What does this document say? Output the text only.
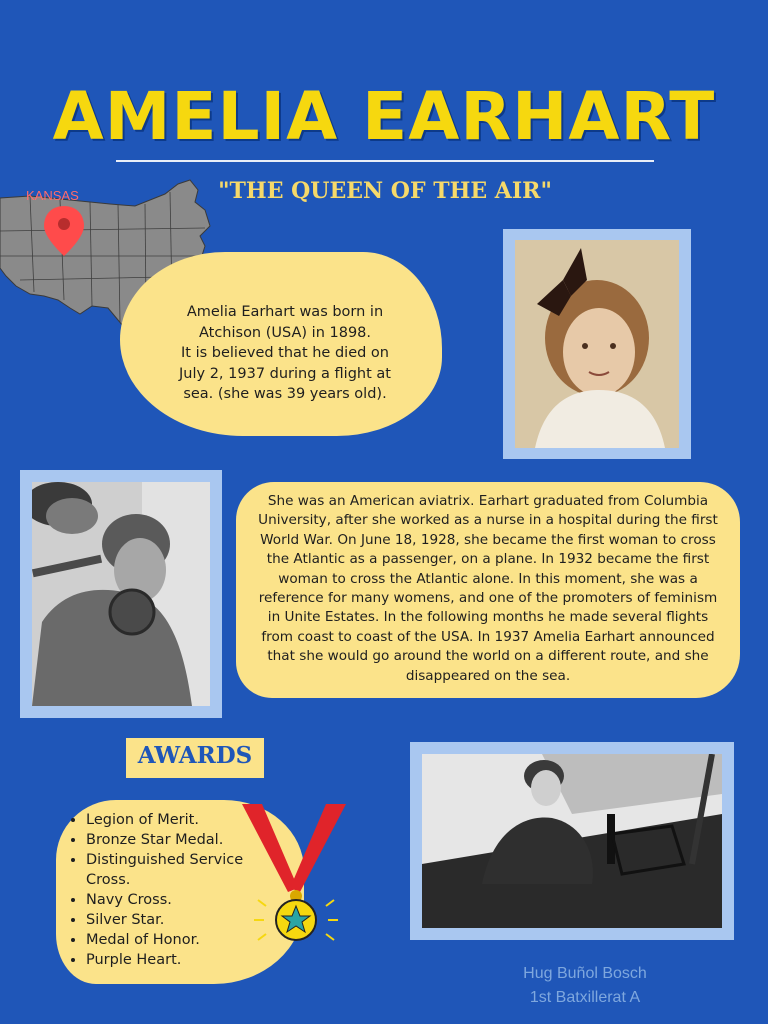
AMELIA EARHART
"THE QUEEN OF THE AIR"
KANSAS
Amelia Earhart was born in
Atchison (USA) in 1898.
It is believed that he died on
July 2, 1937 during a flight at
sea. (she was 39 years old).
She was an American aviatrix. Earhart graduated from Columbia University, after she worked as a nurse in a hospital during the first World War. On June 18, 1928, she became the first woman to cross the Atlantic as a passenger, on a plane. In 1932 became the first woman to cross the Atlantic alone. In this moment, she was a reference for many womens, and one of the promoters of feminism in Unite Estates. In the following months he made several flights from coast to coast of the USA. In 1937 Amelia Earhart announced that she would go around the world on a different route, and she disappeared on the sea.
AWARDS
• Legion of Merit.
• Bronze Star Medal.
• Distinguished Service Cross.
• Navy Cross.
• Silver Star.
• Medal of Honor.
• Purple Heart.
Hug Buñol Bosch
1st Batxillerat A
